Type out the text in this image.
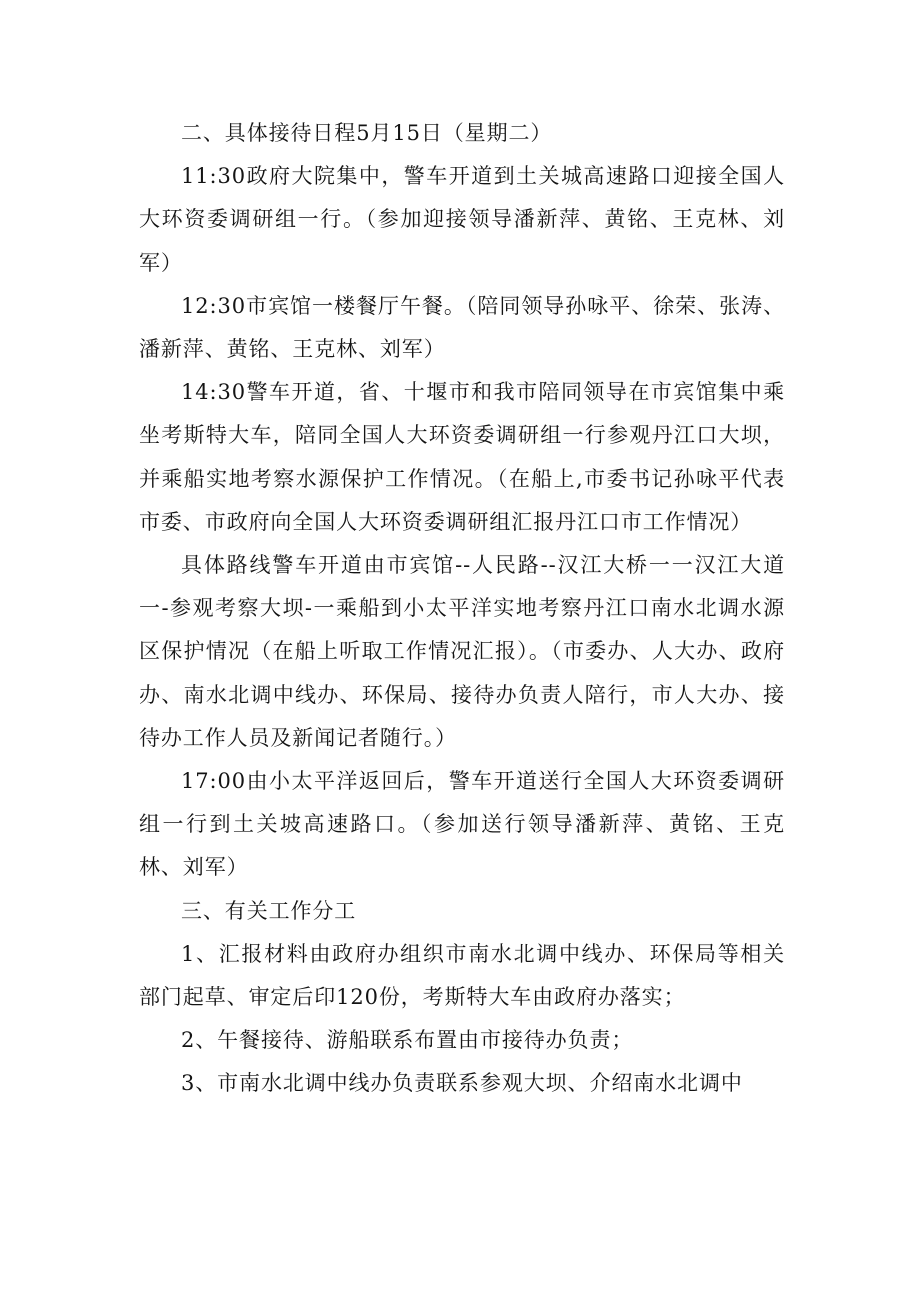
二、具体接待日程5月15日（星期二）

11:30政府大院集中，警车开道到土关城高速路口迎接全国人大环资委调研组一行。（参加迎接领导潘新萍、黄铭、王克林、刘军）

12:30市宾馆一楼餐厅午餐。（陪同领导孙咏平、徐荣、张涛、潘新萍、黄铭、王克林、刘军）

14:30警车开道，省、十堰市和我市陪同领导在市宾馆集中乘坐考斯特大车，陪同全国人大环资委调研组一行参观丹江口大坝，并乘船实地考察水源保护工作情况。（在船上,市委书记孙咏平代表市委、市政府向全国人大环资委调研组汇报丹江口市工作情况）

具体路线警车开道由市宾馆--人民路--汉江大桥一一汉江大道一-参观考察大坝-一乘船到小太平洋实地考察丹江口南水北调水源区保护情况（在船上听取工作情况汇报）。（市委办、人大办、政府办、南水北调中线办、环保局、接待办负责人陪行，市人大办、接待办工作人员及新闻记者随行。）

17:00由小太平洋返回后，警车开道送行全国人大环资委调研组一行到土关坡高速路口。（参加送行领导潘新萍、黄铭、王克林、刘军）

三、有关工作分工

1、汇报材料由政府办组织市南水北调中线办、环保局等相关部门起草、审定后印120份，考斯特大车由政府办落实；

2、午餐接待、游船联系布置由市接待办负责；

3、市南水北调中线办负责联系参观大坝、介绍南水北调中
